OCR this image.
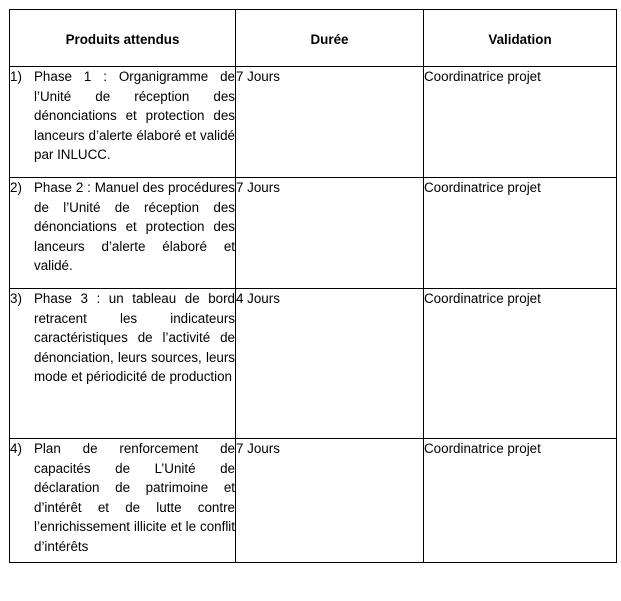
Produits attendus	Durée	Validation

1) Phase 1 : Organigramme de l’Unité de réception des dénonciations et protection des lanceurs d’alerte élaboré et validé par INLUCC.	7 Jours	Coordinatrice projet

2) Phase 2 : Manuel des procédures de l’Unité de réception des dénonciations et protection des lanceurs d’alerte élaboré et validé.	7 Jours	Coordinatrice projet

3) Phase 3 : un tableau de bord retracent les indicateurs caractéristiques de l’activité de dénonciation, leurs sources, leurs mode et périodicité de production	4 Jours	Coordinatrice projet

4) Plan de renforcement de capacités de L’Unité de déclaration de patrimoine et d’intérêt et de lutte contre l’enrichissement illicite et le conflit d’intérêts	7 Jours	Coordinatrice projet
